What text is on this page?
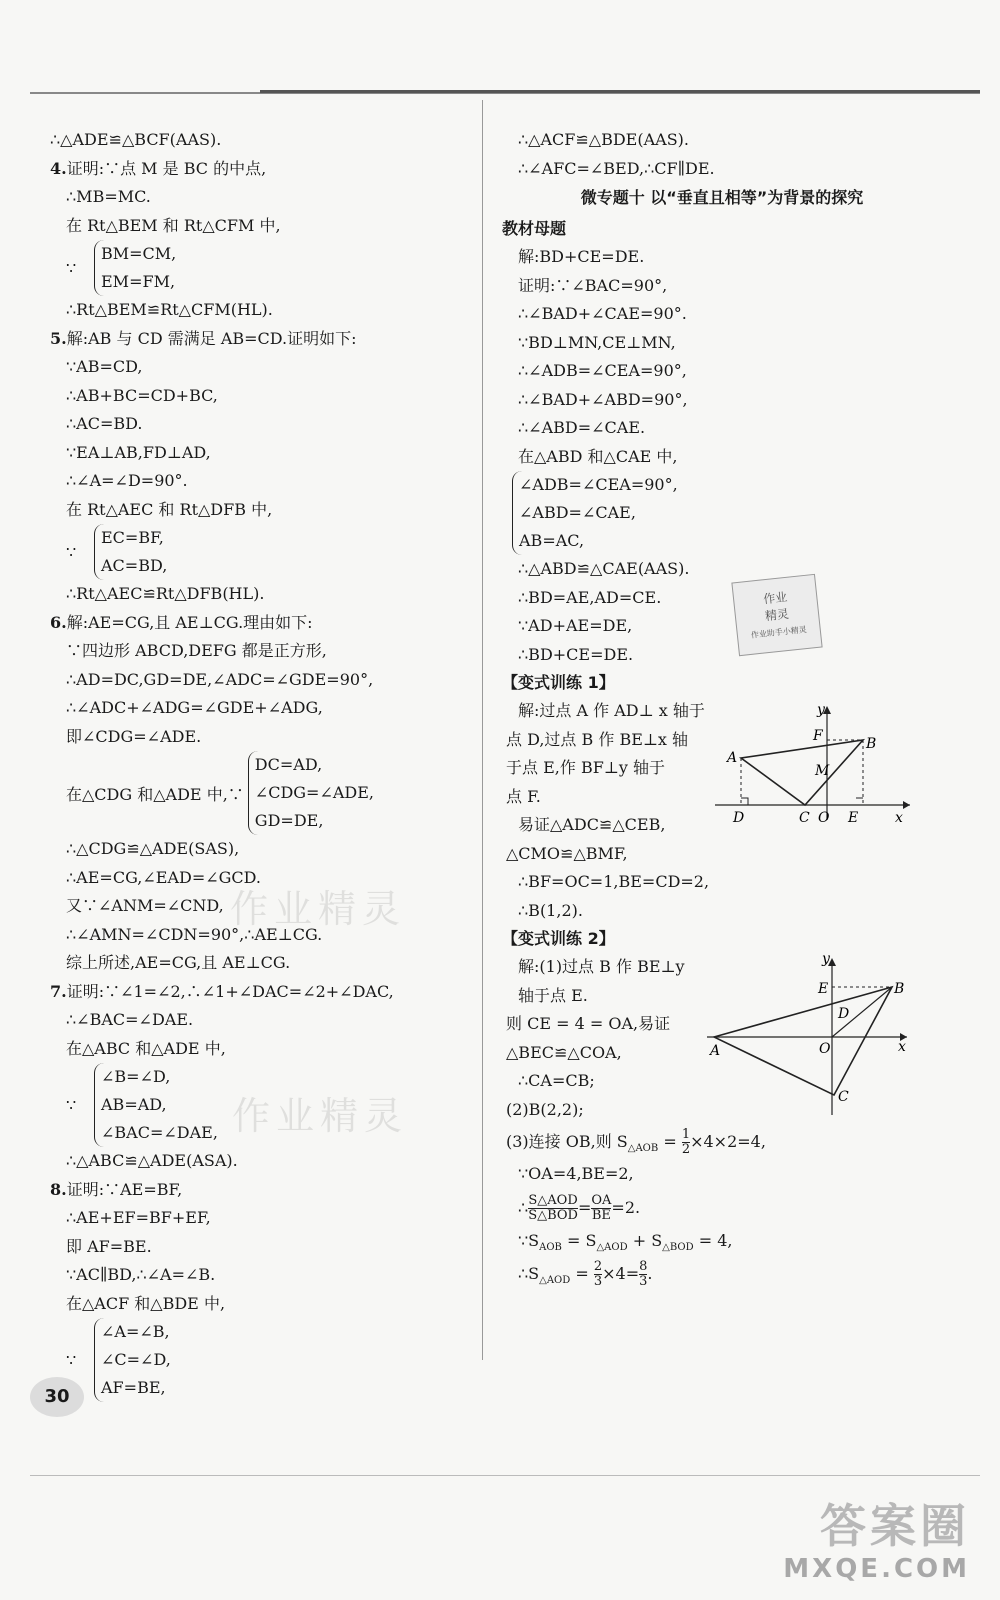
∴△ADE≌△BCF(AAS).
4.证明:∵点 M 是 BC 的中点,
∴MB=MC.
在 Rt△BEM 和 Rt△CFM 中,
∵
BM=CM,
EM=FM,
∴Rt△BEM≌Rt△CFM(HL).
5.解:AB 与 CD 需满足 AB=CD.证明如下:
∵AB=CD,
∴AB+BC=CD+BC,
∴AC=BD.
∵EA⊥AB,FD⊥AD,
∴∠A=∠D=90°.
在 Rt△AEC 和 Rt△DFB 中,
∵
EC=BF,
AC=BD,
∴Rt△AEC≌Rt△DFB(HL).
6.解:AE=CG,且 AE⊥CG.理由如下:
∵四边形 ABCD,DEFG 都是正方形,
∴AD=DC,GD=DE,∠ADC=∠GDE=90°,
∴∠ADC+∠ADG=∠GDE+∠ADG,
即∠CDG=∠ADE.
在△CDG 和△ADE 中,∵
DC=AD,
∠CDG=∠ADE,
GD=DE,
∴△CDG≌△ADE(SAS),
∴AE=CG,∠EAD=∠GCD.
又∵∠ANM=∠CND,
∴∠AMN=∠CDN=90°,∴AE⊥CG.
综上所述,AE=CG,且 AE⊥CG.
7.证明:∵∠1=∠2,∴∠1+∠DAC=∠2+∠DAC,
∴∠BAC=∠DAE.
在△ABC 和△ADE 中,
∵
∠B=∠D,
AB=AD,
∠BAC=∠DAE,
∴△ABC≌△ADE(ASA).
8.证明:∵AE=BF,
∴AE+EF=BF+EF,
即 AF=BE.
∵AC∥BD,∴∠A=∠B.
在△ACF 和△BDE 中,
∵
∠A=∠B,
∠C=∠D,
AF=BE,
∴△ACF≌△BDE(AAS).
∴∠AFC=∠BED,∴CF∥DE.
微专题十 以“垂直且相等”为背景的探究
教材母题
解:BD+CE=DE.
证明:∵∠BAC=90°,
∴∠BAD+∠CAE=90°.
∵BD⊥MN,CE⊥MN,
∴∠ADB=∠CEA=90°,
∴∠BAD+∠ABD=90°,
∴∠ABD=∠CAE.
在△ABD 和△CAE 中,
∠ADB=∠CEA=90°,
∠ABD=∠CAE,
AB=AC,
∴△ABD≌△CAE(AAS).
∴BD=AE,AD=CE.
∵AD+AE=DE,
∴BD+CE=DE.
【变式训练 1】
解:过点 A 作 AD⊥ x 轴于
点 D,过点 B 作 BE⊥x 轴
于点 E,作 BF⊥y 轴于
点 F.
易证△ADC≌△CEB,
△CMO≌△BMF,
∴BF=OC=1,BE=CD=2,
∴B(1,2).
【变式训练 2】
解:(1)过点 B 作 BE⊥y
轴于点 E.
则 CE = 4 = OA,易证
△BEC≌△COA,
∴CA=CB;
(2)B(2,2);
(3)连接 OB,则 $S_{\triangle AOB} = \frac{1}{2} \times 4\times 2=4$,
∵OA=4,BE=2,
∴ $\frac{\text{S△AOD}}{\text{S△BOD}} = \frac{OA}{BE} =2$.
$\because S_{AOB} = S_{\triangle AOD} + S_{\triangle BOD} = 4$,
$\therefore S_{\triangle AOD} = \frac{2}{3} \times 4= \frac{8}{3}$ .
y
F	B
A
M
D	C O E	x
y
E	B
D
A	O	x
C
作业
精灵
作业助手小精灵
作业精灵
作业精灵
30
答案圈
MXQE.COM
